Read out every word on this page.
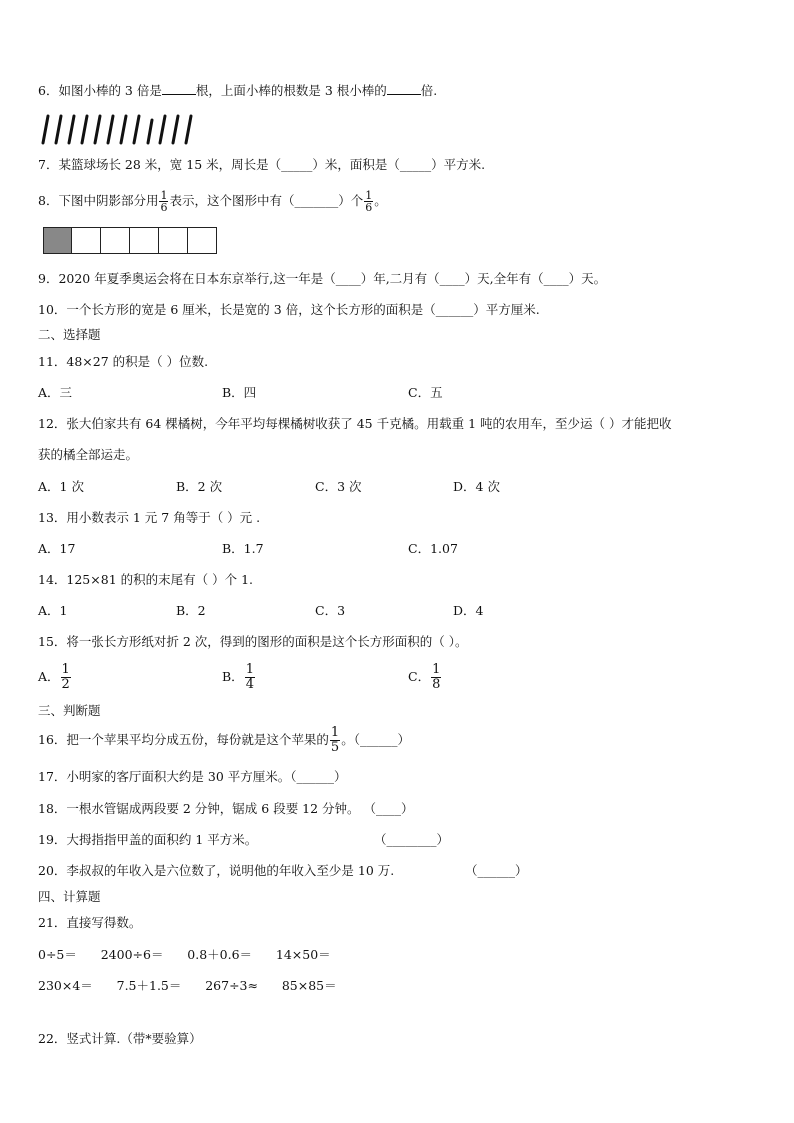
6．如图小棒的 3 倍是	根，上面小棒的根数是 3 根小棒的	倍.
7．某篮球场长 28 米，宽 15 米，周长是（_____）米，面积是（_____）平方米.
8．下图中阴影部分用 $\frac{1}{6}$ 表示，这个图形中有（_______）个 $\frac{1}{6}$ 。
9．2020 年夏季奥运会将在日本东京举行,这一年是（____）年,二月有（____）天,全年有（____）天。
10．一个长方形的宽是 6 厘米，长是宽的 3 倍，这个长方形的面积是（______）平方厘米.
二、选择题
11．48×27 的积是（ ）位数.
A．三	B．四	C．五
12．张大伯家共有 64 棵橘树，今年平均每棵橘树收获了 45 千克橘。用载重 1 吨的农用车，至少运（ ）才能把收
获的橘全部运走。
A．1 次	B．2 次	C．3 次	D．4 次
13．用小数表示 1 元 7 角等于（ ）元 .
A．17	B．1.7	C．1.07
14．125×81 的积的末尾有（ ）个 1.
A．1	B．2	C．3	D．4
15．将一张长方形纸对折 2 次，得到的图形的面积是这个长方形面积的（ ）。
A． $\frac{1}{2}$	B． $\frac{1}{4}$	C． $\frac{1}{8}$
三、判断题
16．把一个苹果平均分成五份，每份就是这个苹果的 $\frac{1}{5}$ 。（______）
17．小明家的客厅面积大约是 30 平方厘米。（______）
18．一根水管锯成两段要 2 分钟，锯成 6 段要 12 分钟。 （____）
19．大拇指指甲盖的面积约 1 平方米。	（________）
20．李叔叔的年收入是六位数了，说明他的年收入至少是 10 万.	（______）
四、计算题
21．直接写得数。
0÷5＝      2400÷6＝      0.8＋0.6＝      14×50＝
230×4＝      7.5＋1.5＝      267÷3≈      85×85＝
22．竖式计算.（带*要验算）
